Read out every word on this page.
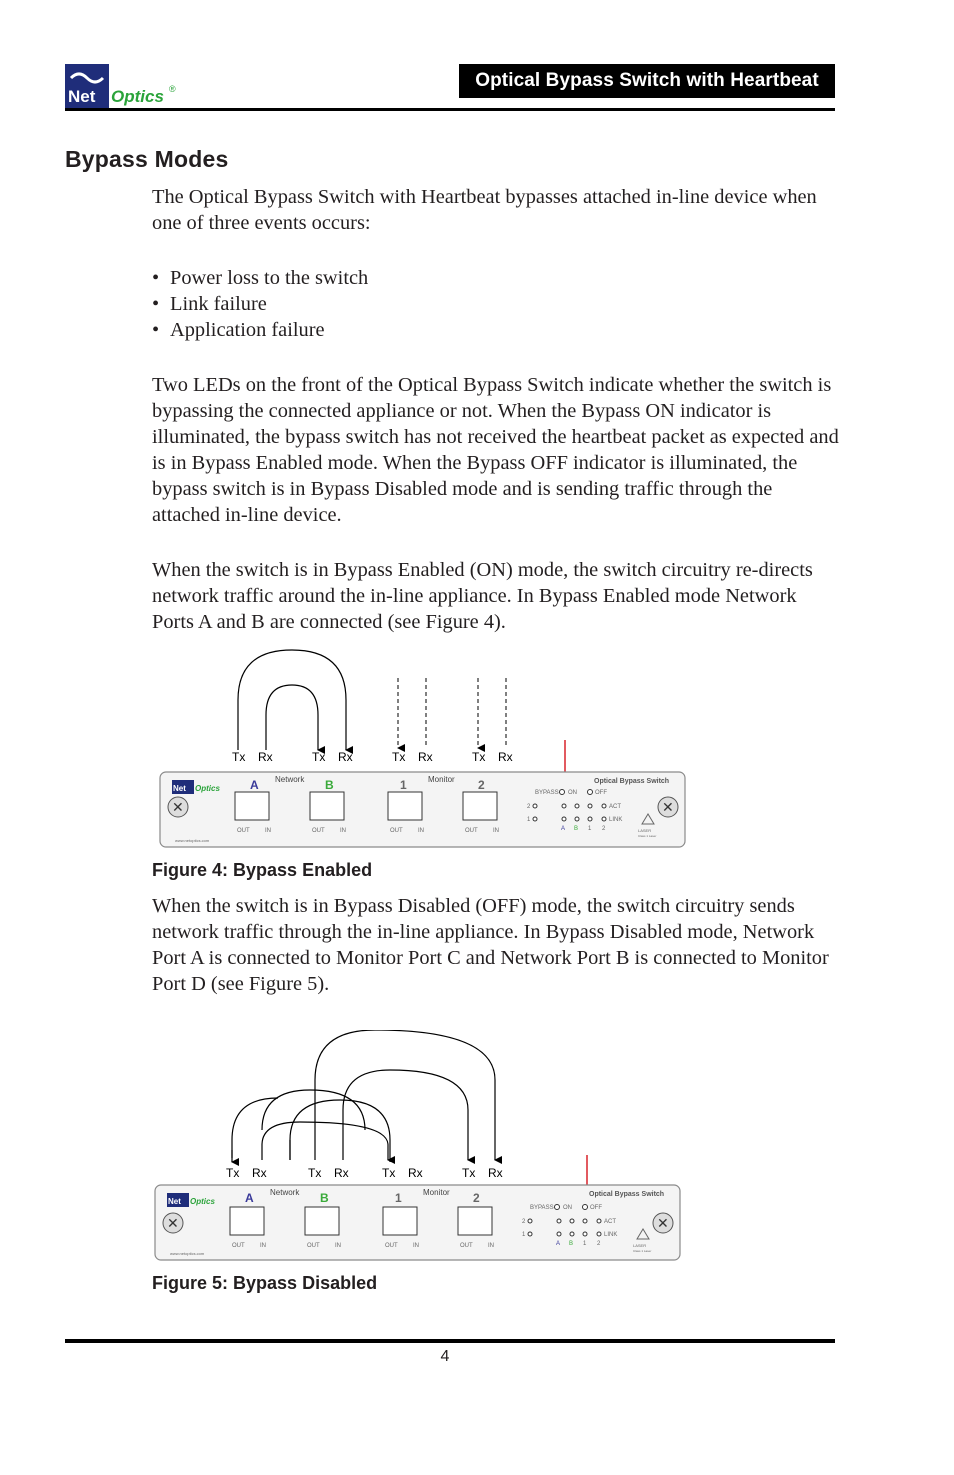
Net Optics ®	Optical Bypass Switch with Heartbeat
Bypass Modes

The Optical Bypass Switch with Heartbeat bypasses attached in-line device when one of three events occurs:

• Power loss to the switch
• Link failure
• Application failure

Two LEDs on the front of the Optical Bypass Switch indicate whether the switch is bypassing the connected appliance or not. When the Bypass ON indicator is illuminated, the bypass switch has not received the heartbeat packet as expected and is in Bypass Enabled mode. When the Bypass OFF indicator is illuminated, the bypass switch is in Bypass Disabled mode and is sending traffic through the attached in-line device.

When the switch is in Bypass Enabled (ON) mode, the switch circuitry re-directs network traffic around the in-line appliance. In Bypass Enabled mode Network Ports A and B are connected (see Figure 4).

Tx Rx	Tx Rx	Tx Rx	Tx Rx
Net Optics
✕
A Network B	1	Monitor 2
OUT	IN	OUT	IN	OUT	IN	OUT	IN
BYPASS ON	OFF
Optical Bypass Switch
2
1
ACT
LINK
A B 1 2	LASER
Class 1 Laser
✕
www.netoptics.com

Figure 4: Bypass Enabled

When the switch is in Bypass Disabled (OFF) mode, the switch circuitry sends network traffic through the in-line appliance. In Bypass Disabled mode, Network Port A is connected to Monitor Port C and Network Port B is connected to Monitor Port D (see Figure 5).

Tx Rx	Tx Rx	Tx Rx	Tx Rx
Net Optics
✕
A Network B	1	Monitor 2
OUT	IN	OUT	IN	OUT	IN	OUT	IN
BYPASS ON	OFF
Optical Bypass Switch
2
1
ACT
LINK
A B 1 2	LASER
Class 1 Laser
✕
www.netoptics.com

Figure 5: Bypass Disabled

4
